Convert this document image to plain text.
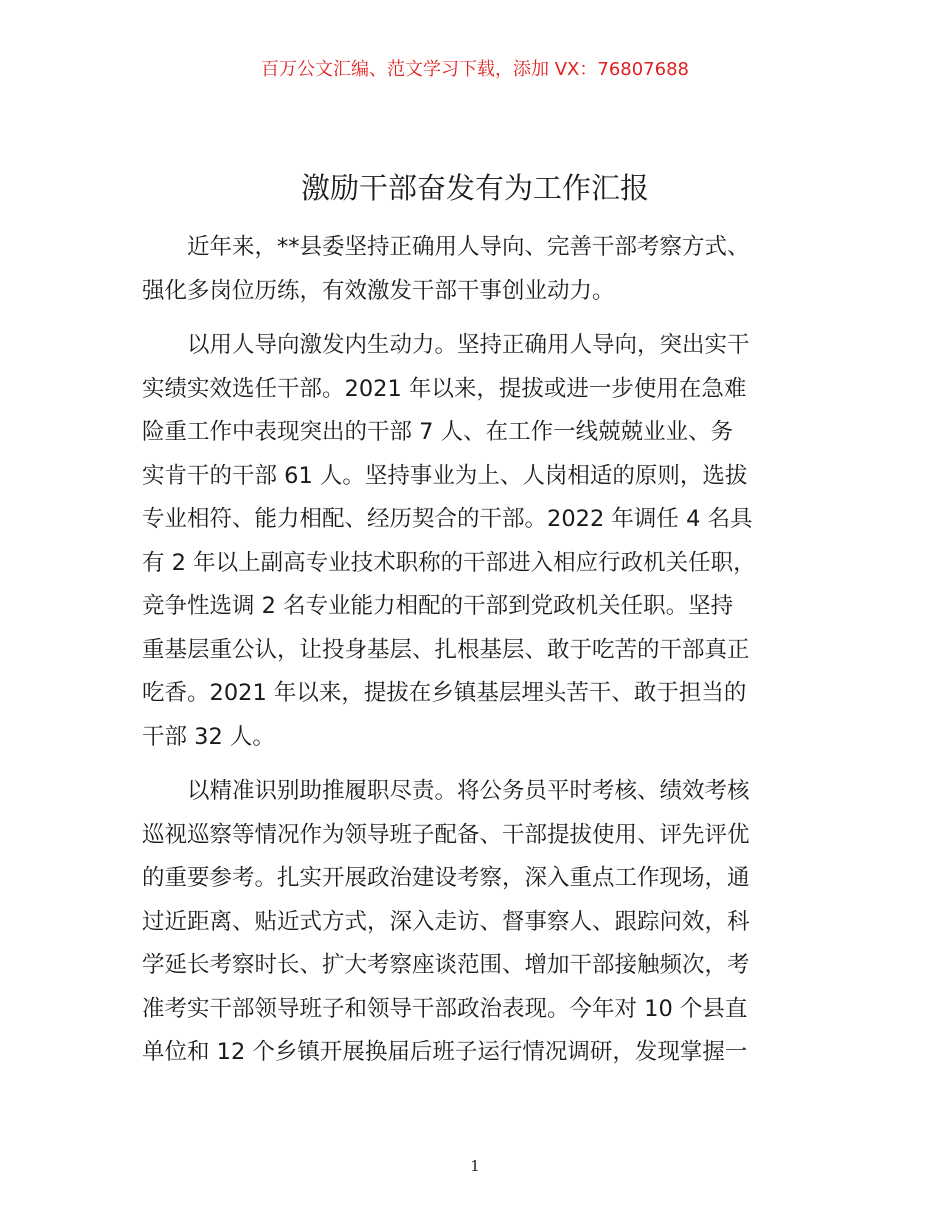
百万公文汇编、范文学习下载，添加 VX：76807688
激励干部奋发有为工作汇报
近年来，**县委坚持正确用人导向、完善干部考察方式、
强化多岗位历练，有效激发干部干事创业动力。
以用人导向激发内生动力。坚持正确用人导向，突出实干
实绩实效选任干部。2021 年以来，提拔或进一步使用在急难
险重工作中表现突出的干部 7 人、在工作一线兢兢业业、务
实肯干的干部 61 人。坚持事业为上、人岗相适的原则，选拔
专业相符、能力相配、经历契合的干部。2022 年调任 4 名具
有 2 年以上副高专业技术职称的干部进入相应行政机关任职，
竞争性选调 2 名专业能力相配的干部到党政机关任职。坚持
重基层重公认，让投身基层、扎根基层、敢于吃苦的干部真正
吃香。2021 年以来，提拔在乡镇基层埋头苦干、敢于担当的
干部 32 人。
以精准识别助推履职尽责。将公务员平时考核、绩效考核
巡视巡察等情况作为领导班子配备、干部提拔使用、评先评优
的重要参考。扎实开展政治建设考察，深入重点工作现场，通
过近距离、贴近式方式，深入走访、督事察人、跟踪问效，科
学延长考察时长、扩大考察座谈范围、增加干部接触频次，考
准考实干部领导班子和领导干部政治表现。今年对 10 个县直
单位和 12 个乡镇开展换届后班子运行情况调研，发现掌握一
1
